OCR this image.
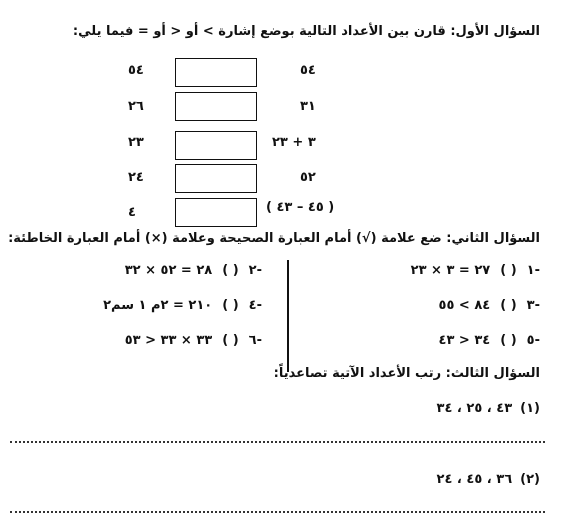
السؤال الأول: قارن بين الأعداد التالية بوضع إشارة > أو < أو = فيما يلي:
٥٤
٥٤
٣١
٢٦
٣ + ٢٣
٢٣
٥٢
٢٤
( ٤٥ – ٤٣ )
٤
السؤال الثاني: ضع علامة (√) أمام العبارة الصحيحة وعلامة (×) أمام العبارة الخاطئة:
-١
( )
٢٧ = ٣ × ٢٣
-٣
( )
٨٤ > ٥٥
-٥
( )
٣٤ < ٤٣
-٢
( )
٢٨ = ٥٢ × ٣٢
-٤
( )
٢١٠ = ٢م ١ سم٢
-٦
( )
٣٣ × ٣٣ < ٥٣
السؤال الثالث: رتب الأعداد الآتية تصاعدياً:
(١)
٤٣ ، ٢٥ ، ٣٤
(٢)
٣٦ ، ٤٥ ، ٢٤
